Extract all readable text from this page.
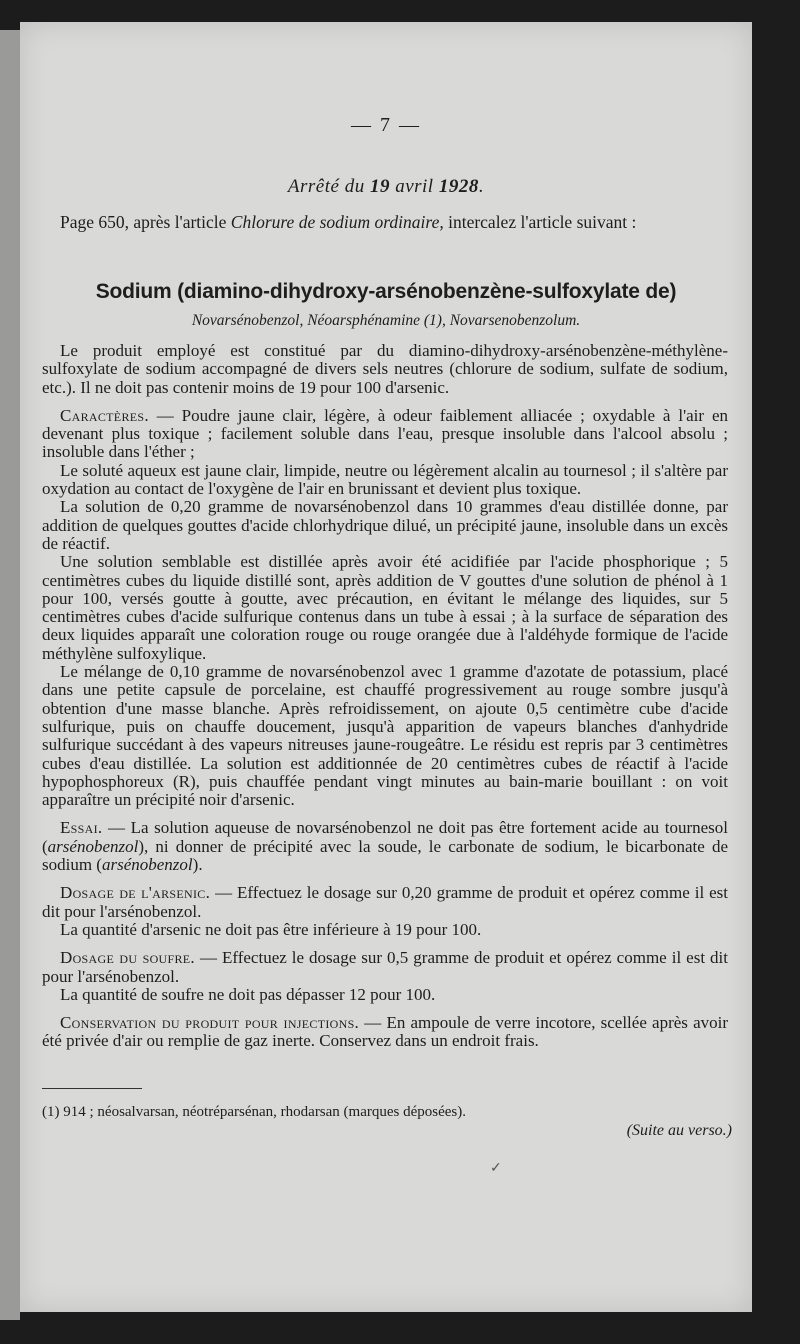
— 7 —
Arrêté du 19 avril 1928.
Page 650, après l'article Chlorure de sodium ordinaire, intercalez l'article suivant :
Sodium (diamino-dihydroxy-arsénobenzène-sulfoxylate de)
Novarsénobenzol, Néoarsphénamine (1), Novarsenobenzolum.

Le produit employé est constitué par du diamino-dihydroxy-arsénobenzène-méthylène-sulfoxylate de sodium accompagné de divers sels neutres (chlorure de sodium, sulfate de sodium, etc.). Il ne doit pas contenir moins de 19 pour 100 d'arsenic.

Caractères. — Poudre jaune clair, légère, à odeur faiblement alliacée ; oxydable à l'air en devenant plus toxique ; facilement soluble dans l'eau, presque insoluble dans l'alcool absolu ; insoluble dans l'éther ;

Le soluté aqueux est jaune clair, limpide, neutre ou légèrement alcalin au tournesol ; il s'altère par oxydation au contact de l'oxygène de l'air en brunissant et devient plus toxique.

La solution de 0,20 gramme de novarsénobenzol dans 10 grammes d'eau distillée donne, par addition de quelques gouttes d'acide chlorhydrique dilué, un précipité jaune, insoluble dans un excès de réactif.

Une solution semblable est distillée après avoir été acidifiée par l'acide phosphorique ; 5 centimètres cubes du liquide distillé sont, après addition de V gouttes d'une solution de phénol à 1 pour 100, versés goutte à goutte, avec précaution, en évitant le mélange des liquides, sur 5 centimètres cubes d'acide sulfurique contenus dans un tube à essai ; à la surface de séparation des deux liquides apparaît une coloration rouge ou rouge orangée due à l'aldéhyde formique de l'acide méthylène sulfoxylique.

Le mélange de 0,10 gramme de novarsénobenzol avec 1 gramme d'azotate de potassium, placé dans une petite capsule de porcelaine, est chauffé progressivement au rouge sombre jusqu'à obtention d'une masse blanche. Après refroidissement, on ajoute 0,5 centimètre cube d'acide sulfurique, puis on chauffe doucement, jusqu'à apparition de vapeurs blanches d'anhydride sulfurique succédant à des vapeurs nitreuses jaune-rougeâtre. Le résidu est repris par 3 centimètres cubes d'eau distillée. La solution est additionnée de 20 centimètres cubes de réactif à l'acide hypophosphoreux (R), puis chauffée pendant vingt minutes au bain-marie bouillant : on voit apparaître un précipité noir d'arsenic.

Essai. — La solution aqueuse de novarsénobenzol ne doit pas être fortement acide au tournesol (arsénobenzol), ni donner de précipité avec la soude, le carbonate de sodium, le bicarbonate de sodium (arsénobenzol).

Dosage de l'arsenic. — Effectuez le dosage sur 0,20 gramme de produit et opérez comme il est dit pour l'arsénobenzol.

La quantité d'arsenic ne doit pas être inférieure à 19 pour 100.

Dosage du soufre. — Effectuez le dosage sur 0,5 gramme de produit et opérez comme il est dit pour l'arsénobenzol.

La quantité de soufre ne doit pas dépasser 12 pour 100.

Conservation du produit pour injections. — En ampoule de verre incotore, scellée après avoir été privée d'air ou remplie de gaz inerte. Conservez dans un endroit frais.

(1) 914 ; néosalvarsan, néotréparsénan, rhodarsan (marques déposées).
(Suite au verso.)
✓
